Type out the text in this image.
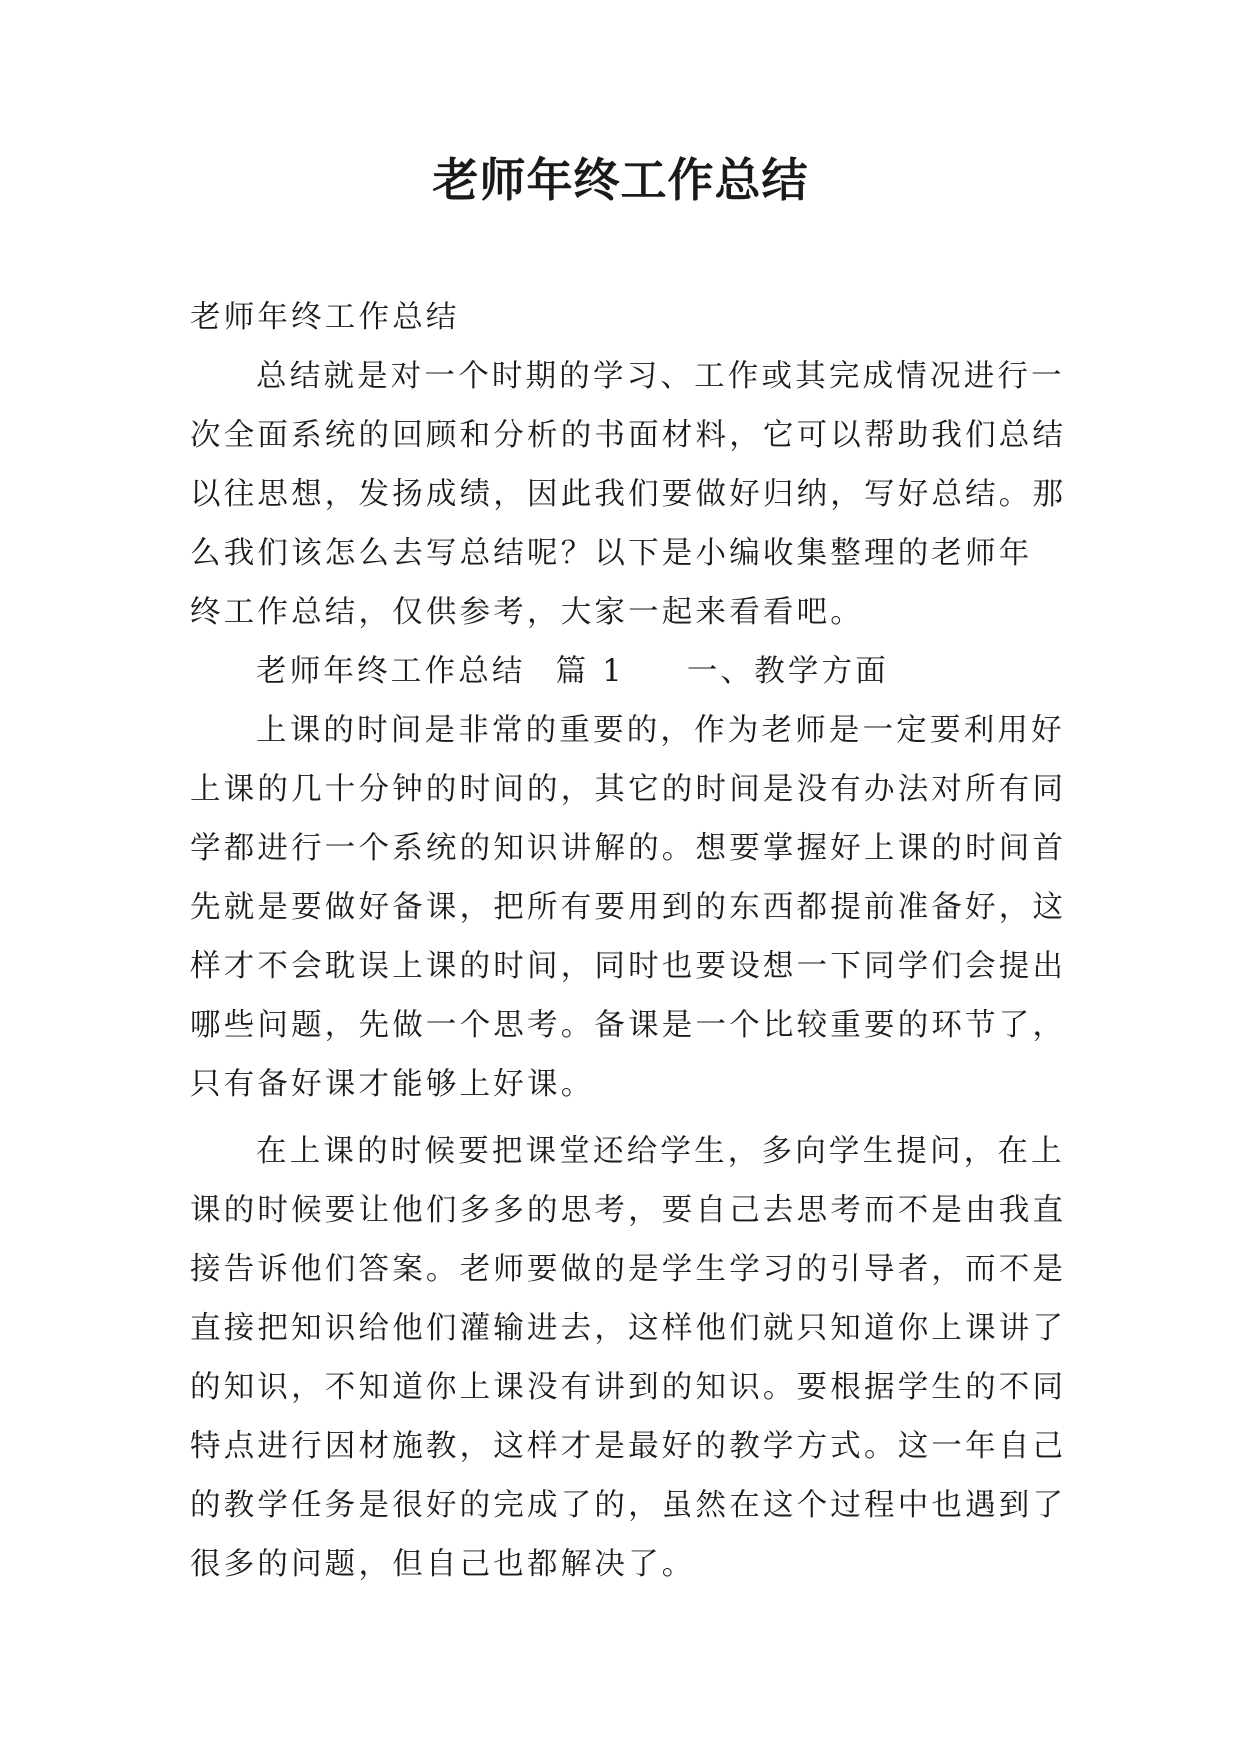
老师年终工作总结

老师年终工作总结

总结就是对一个时期的学习、工作或其完成情况进行一

次全面系统的回顾和分析的书面材料，它可以帮助我们总结

以往思想，发扬成绩，因此我们要做好归纳，写好总结。那

么我们该怎么去写总结呢？以下是小编收集整理的老师年

终工作总结，仅供参考，大家一起来看看吧。

老师年终工作总结 篇 1 一、教学方面

上课的时间是非常的重要的，作为老师是一定要利用好

上课的几十分钟的时间的，其它的时间是没有办法对所有同

学都进行一个系统的知识讲解的。想要掌握好上课的时间首

先就是要做好备课，把所有要用到的东西都提前准备好，这

样才不会耽误上课的时间，同时也要设想一下同学们会提出

哪些问题，先做一个思考。备课是一个比较重要的环节了，

只有备好课才能够上好课。

在上课的时候要把课堂还给学生，多向学生提问，在上

课的时候要让他们多多的思考，要自己去思考而不是由我直

接告诉他们答案。老师要做的是学生学习的引导者，而不是

直接把知识给他们灌输进去，这样他们就只知道你上课讲了

的知识，不知道你上课没有讲到的知识。要根据学生的不同

特点进行因材施教，这样才是最好的教学方式。这一年自己

的教学任务是很好的完成了的，虽然在这个过程中也遇到了

很多的问题，但自己也都解决了。
